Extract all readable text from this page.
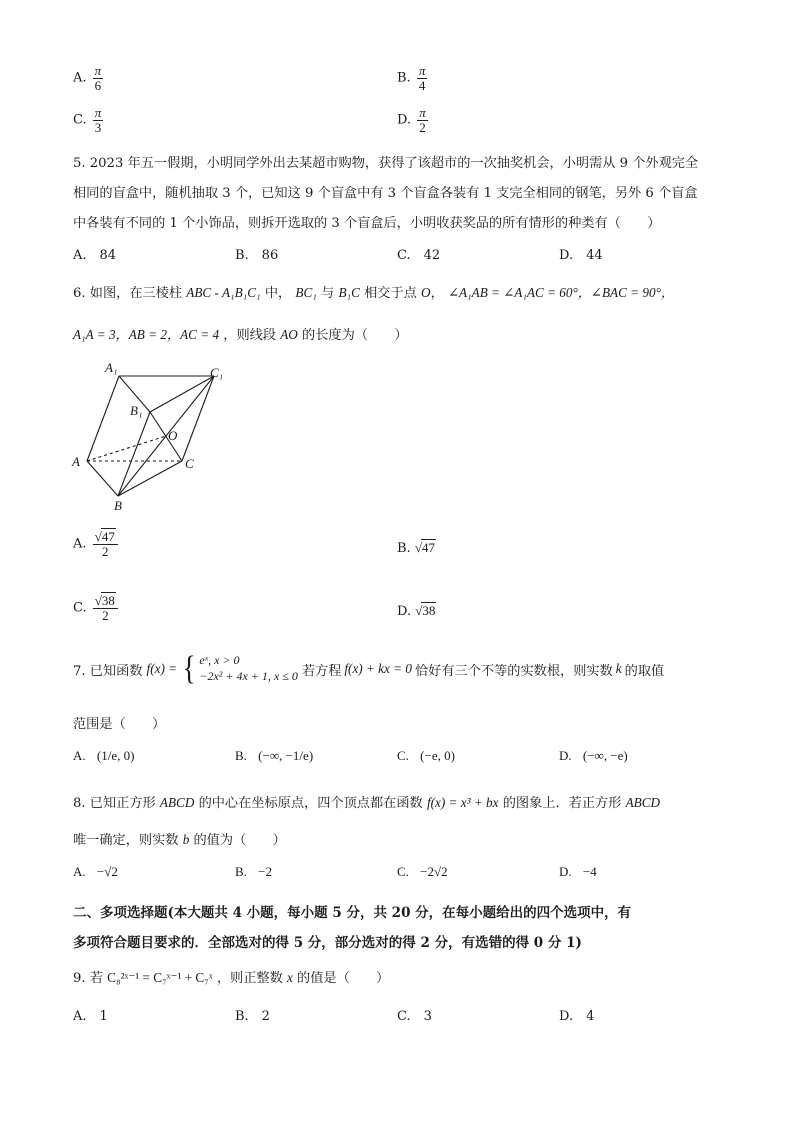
A. $\frac{\pi}{6}$	B. $\frac{\pi}{4}$
C. $\frac{\pi}{3}$	D. $\frac{\pi}{2}$
5. 2023 年五一假期，小明同学外出去某超市购物，获得了该超市的一次抽奖机会，小明需从 9 个外观完全
相同的盲盒中，随机抽取 3 个，已知这 9 个盲盒中有 3 个盲盒各装有 1 支完全相同的钢笔，另外 6 个盲盒
中各装有不同的 1 个小饰品，则拆开选取的 3 个盲盒后，小明收获奖品的所有情形的种类有（　　）
A.　84	B.　86	C.　42	D.　44
6. 如图，在三棱柱 ABC - A₁B₁C₁ 中， BC₁ 与 B₁C 相交于点 O， ∠A₁AB = ∠A₁AC = 60°，∠BAC = 90°，
A₁A = 3，AB = 2，AC = 4 ，则线段 AO 的长度为（　　）
A₁	C₁
B₁
O
A	C
B
A. $\frac{√47}{2}$	B. √47
C. $\frac{√38}{2}$	D. √38
7. 已知函数 f(x) = { eˣ, x > 0
−2x² + 4x + 1, x ≤ 0 若方程 f(x) + kx = 0 恰好有三个不等的实数根，则实数 k 的取值
范围是（　　）
A. (1/e, 0)	B. (−∞, −1/e)	C. (−e, 0)	D. (−∞, −e)
8. 已知正方形 ABCD 的中心在坐标原点，四个顶点都在函数 f(x) = x³ + bx 的图象上．若正方形 ABCD
唯一确定，则实数 b 的值为（　　）
A. −√2	B. −2	C. −2√2	D. −4
二、多项选择题(本大题共 4 小题，每小题 5 分，共 20 分，在每小题给出的四个选项中，有
多项符合题目要求的．全部选对的得 5 分，部分选对的得 2 分，有选错的得 0 分 1)
9. 若 C₈²ˣ⁻¹ = C₇ˣ⁻¹ + C₇ˣ ，则正整数 x 的值是（　　）
A.　1	B.　2	C.　3	D.　4
